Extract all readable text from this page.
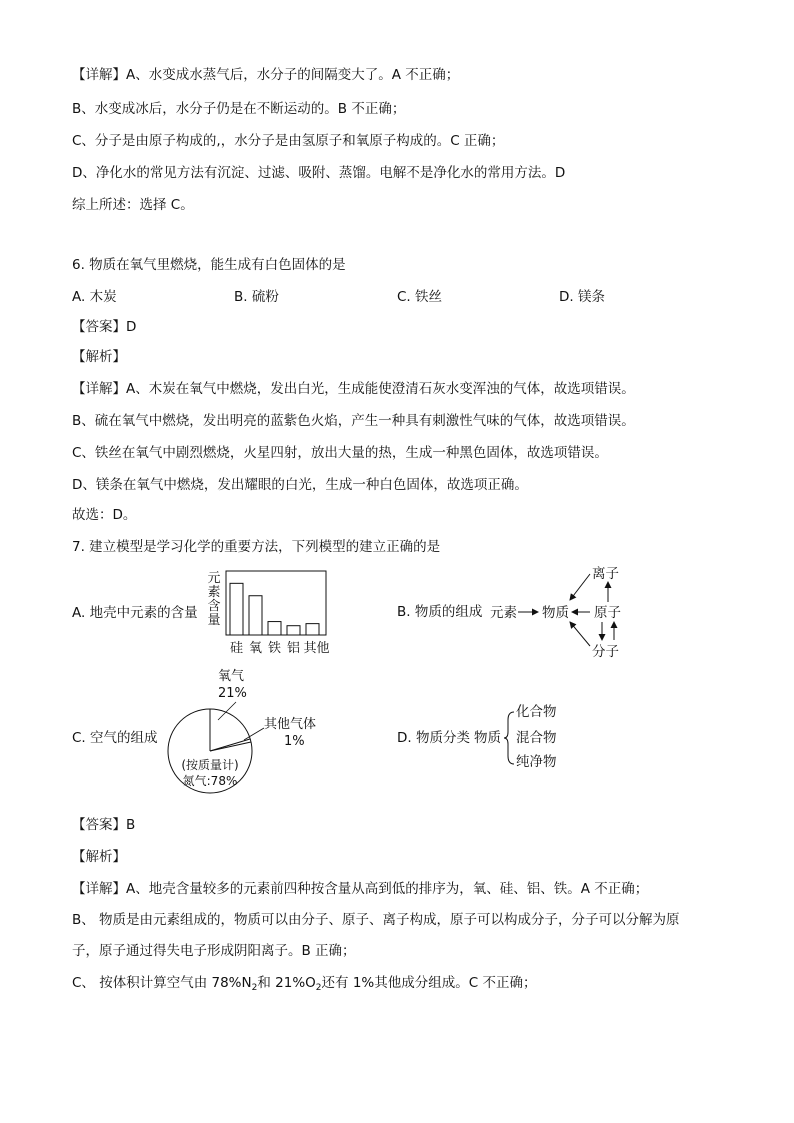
【详解】A、水变成水蒸气后，水分子的间隔变大了。A 不正确；
B、水变成冰后，水分子仍是在不断运动的。B 不正确；
C、分子是由原子构成的,，水分子是由氢原子和氧原子构成的。C 正确；
D、净化水的常见方法有沉淀、过滤、吸附、蒸馏。电解不是净化水的常用方法。D
综上所述：选择 C。
6. 物质在氧气里燃烧，能生成有白色固体的是
A. 木炭	B. 硫粉	C. 铁丝	D. 镁条
【答案】D
【解析】
【详解】A、木炭在氧气中燃烧，发出白光，生成能使澄清石灰水变浑浊的气体，故选项错误。
B、硫在氧气中燃烧，发出明亮的蓝紫色火焰，产生一种具有刺激性气味的气体，故选项错误。
C、铁丝在氧气中剧烈燃烧，火星四射，放出大量的热，生成一种黑色固体，故选项错误。
D、镁条在氧气中燃烧，发出耀眼的白光，生成一种白色固体，故选项正确。
故选：D。
7. 建立模型是学习化学的重要方法，下列模型的建立正确的是
A. 地壳中元素的含量
元
素
含
量
硅 氧 铁 铝 其他
B. 物质的组成 元素 物质 原子
离子
分子
C. 空气的组成
氧气
21%
其他气体
1%
(按质量计)
氮气:78%
D. 物质分类 物质
化合物
混合物
纯净物
【答案】B
【解析】
【详解】A、地壳含量较多的元素前四种按含量从高到低的排序为，氧、硅、铝、铁。A 不正确；
B、 物质是由元素组成的，物质可以由分子、原子、离子构成，原子可以构成分子，分子可以分解为原
子，原子通过得失电子形成阴阳离子。B 正确；
C、 按体积计算空气由 $78\%N_2$和 $21\%O_2$还有 1%其他成分组成。C 不正确；
